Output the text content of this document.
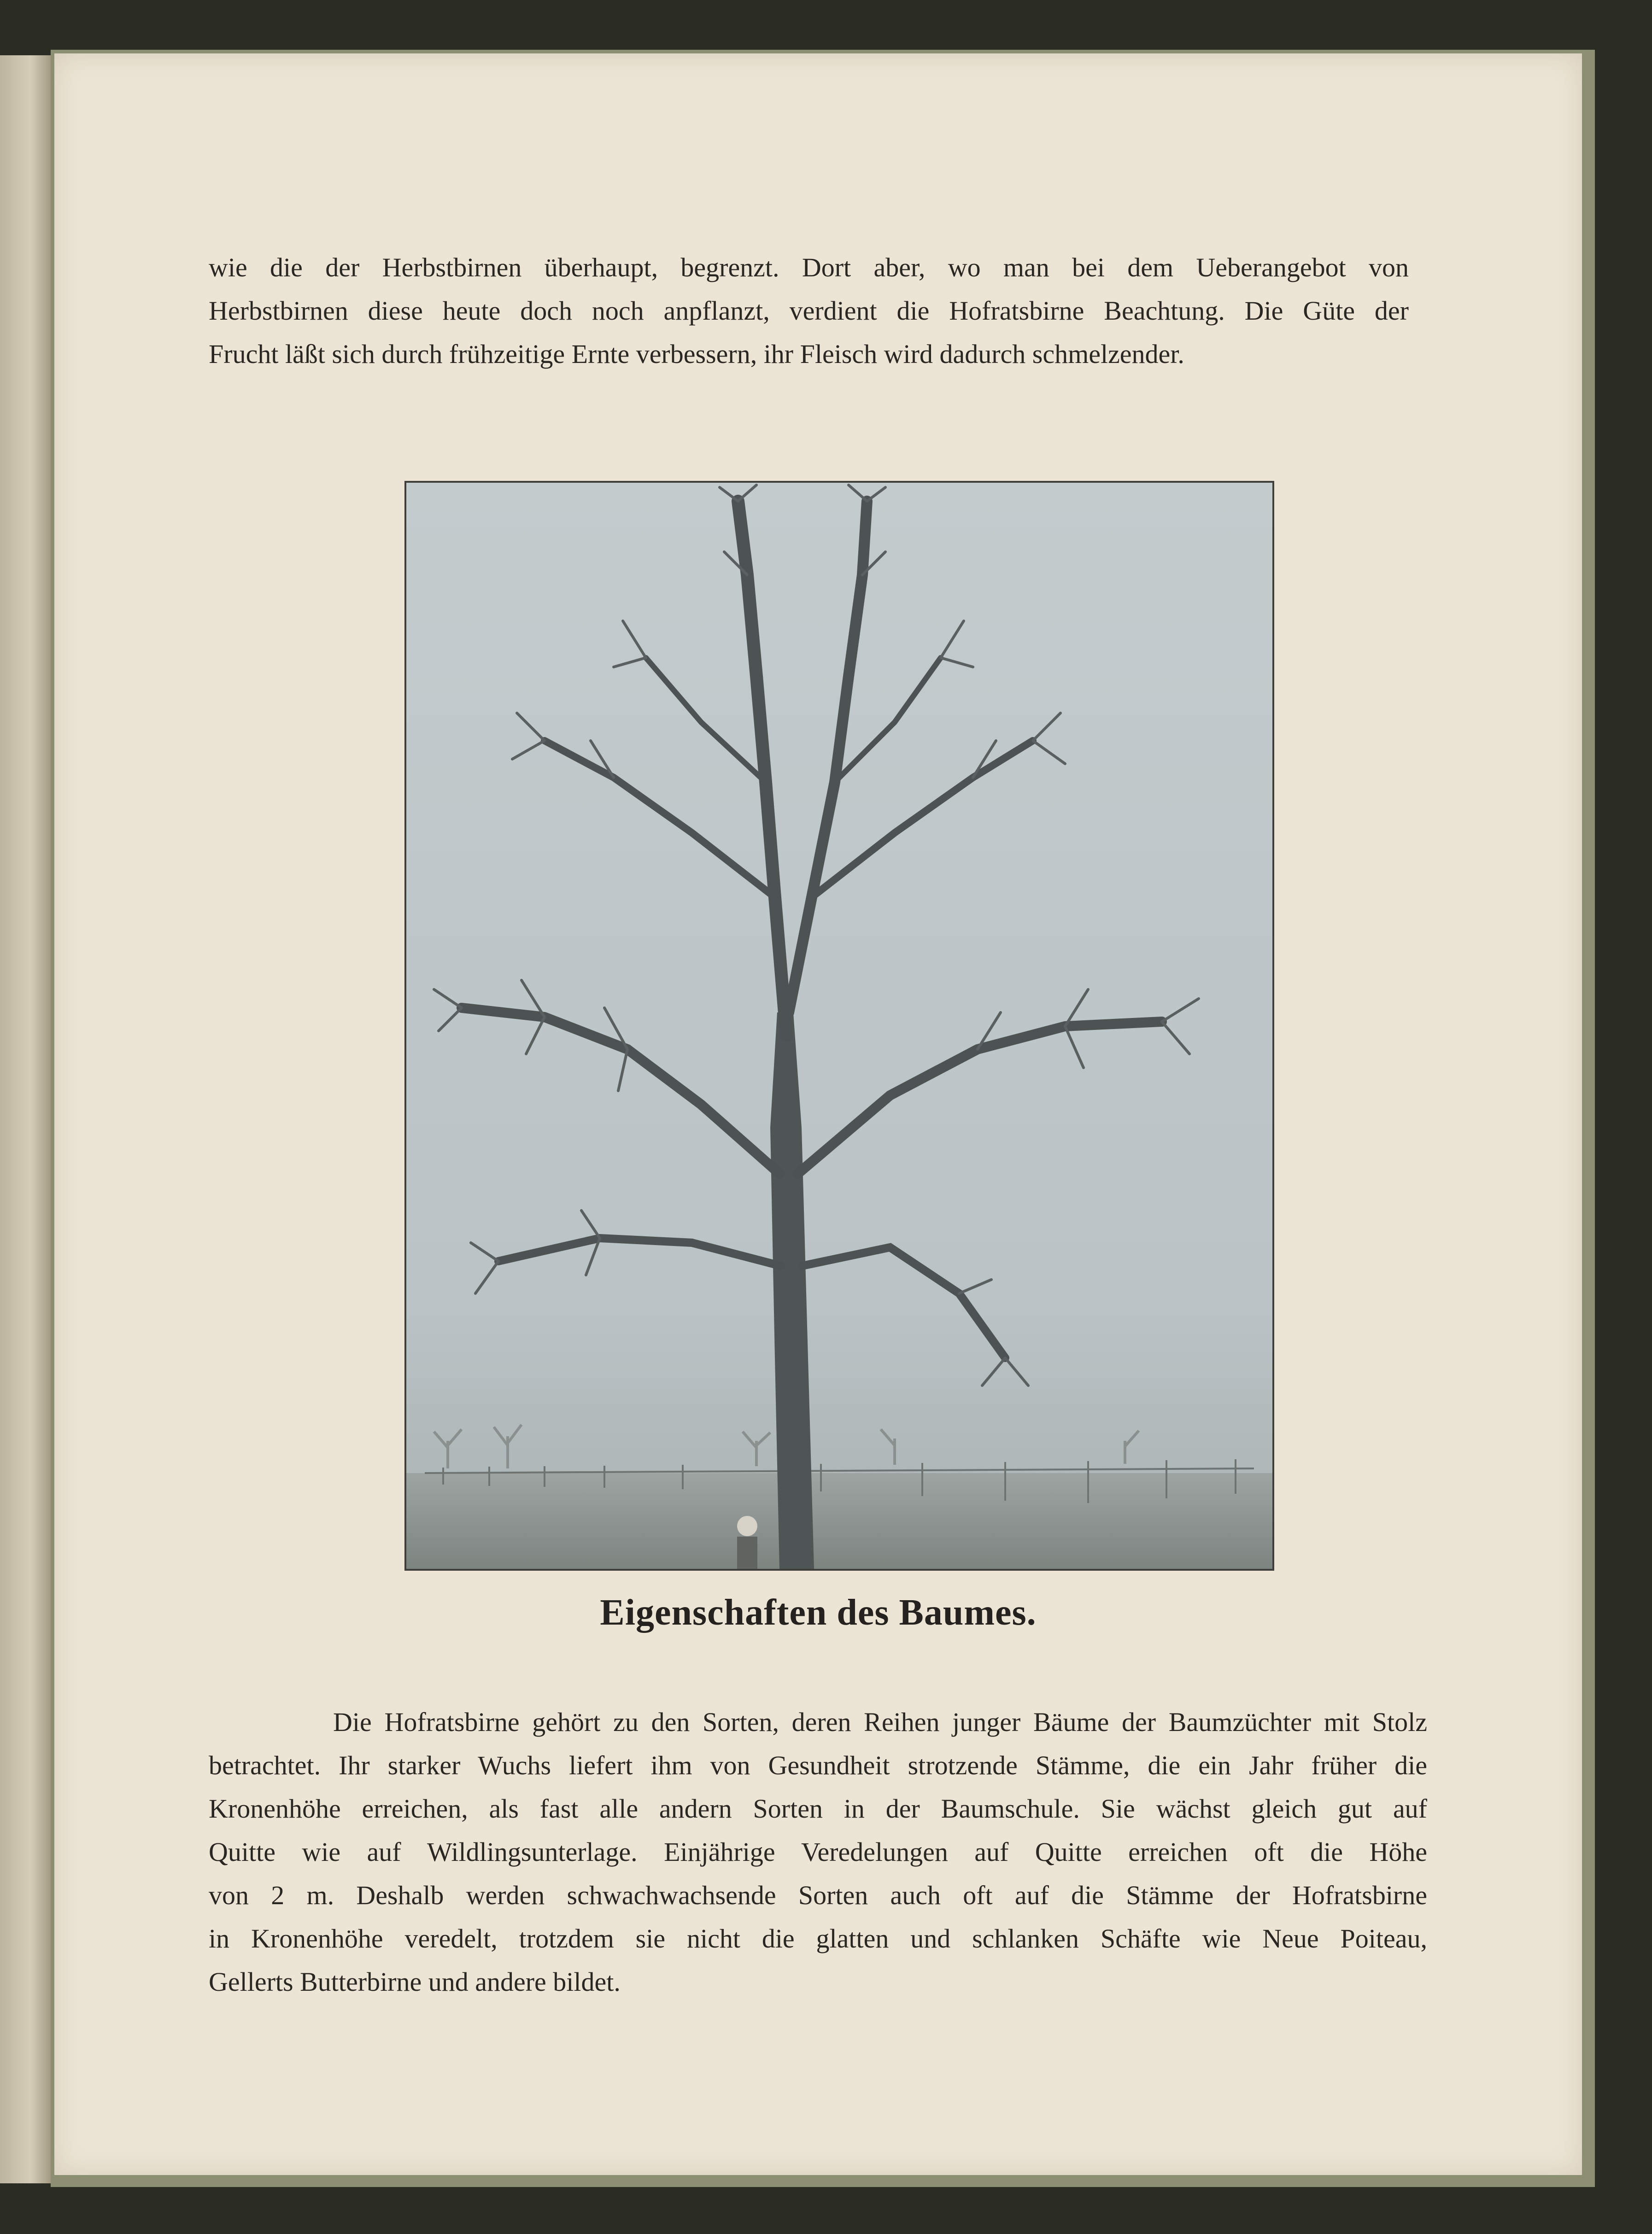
wie die der Herbstbirnen überhaupt, begrenzt. Dort aber, wo man bei dem Ueberangebot von
Herbstbirnen diese heute doch noch anpflanzt, verdient die Hofratsbirne Beachtung. Die Güte der
Frucht läßt sich durch frühzeitige Ernte verbessern, ihr Fleisch wird dadurch schmelzender.

Eigenschaften des Baumes.

Die Hofratsbirne gehört zu den Sorten, deren Reihen junger Bäume der Baumzüchter mit Stolz
betrachtet. Ihr starker Wuchs liefert ihm von Gesundheit strotzende Stämme, die ein Jahr früher die
Kronenhöhe erreichen, als fast alle andern Sorten in der Baumschule. Sie wächst gleich gut auf
Quitte wie auf Wildlingsunterlage. Einjährige Veredelungen auf Quitte erreichen oft die Höhe
von 2 m. Deshalb werden schwachwachsende Sorten auch oft auf die Stämme der Hofratsbirne
in Kronenhöhe veredelt, trotzdem sie nicht die glatten und schlanken Schäfte wie Neue Poiteau,
Gellerts Butterbirne und andere bildet.
